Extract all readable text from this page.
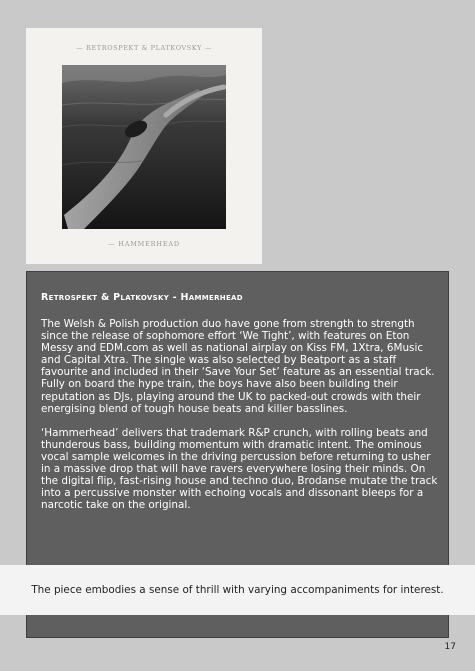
— RETROSPEKT & PLATKOVSKY —
— HAMMERHEAD
Retrospekt & Platkovsky - Hammerhead

The Welsh & Polish production duo have gone from strength to strength since the release of sophomore effort ‘We Tight’, with features on Eton Messy and EDM.com as well as national airplay on Kiss FM, 1Xtra, 6Music and Capital Xtra. The single was also selected by Beatport as a staff favourite and included in their ‘Save Your Set’ feature as an essential track. Fully on board the hype train, the boys have also been building their reputation as DJs, playing around the UK to packed-out crowds with their energising blend of tough house beats and killer basslines.

‘Hammerhead’ delivers that trademark R&P crunch, with rolling beats and thunderous bass, building momentum with dramatic intent. The ominous vocal sample welcomes in the driving percussion before returning to usher in a massive drop that will have ravers everywhere losing their minds. On the digital flip, fast-rising house and techno duo, Brodanse mutate the track into a percussive monster with echoing vocals and dissonant bleeps for a narcotic take on the original.

The piece embodies a sense of thrill with varying accompaniments for interest.
17
